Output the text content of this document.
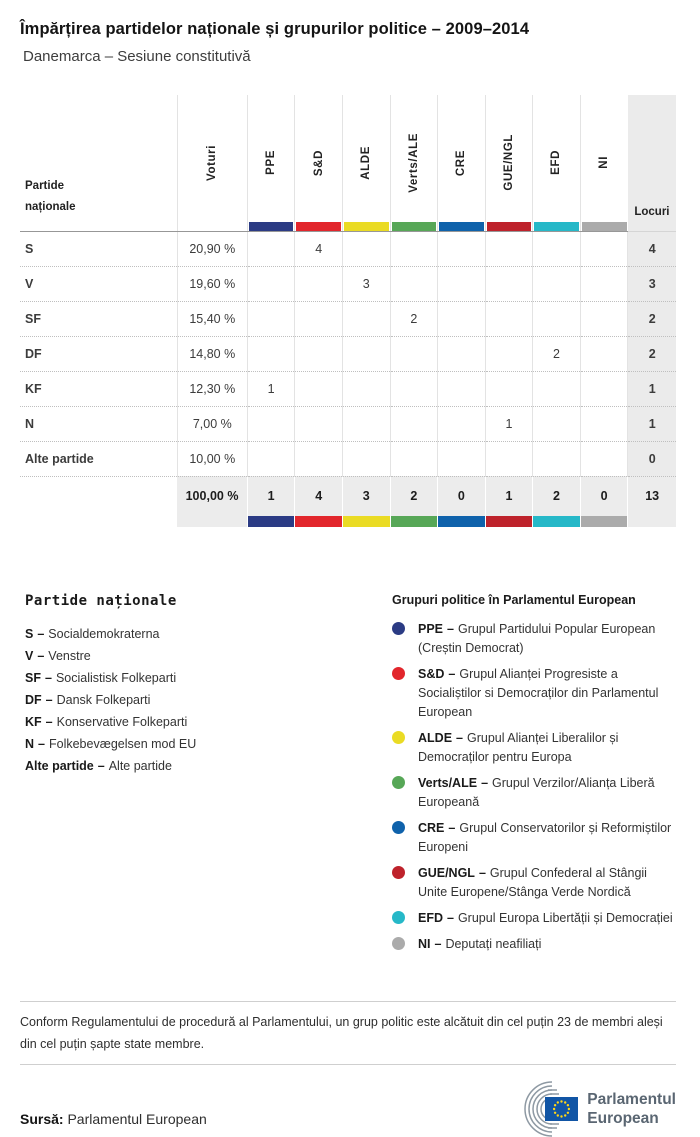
Împărțirea partidelor naționale și grupurilor politice – 2009–2014
Danemarca – Sesiune constitutivă
Partide
naționale	Voturi	PPE	S&D	ALDE	Verts/ALE	CRE	GUE/NGL	EFD	NI	Locuri

S	20,90 %		4							4
V	19,60 %			3						3
SF	15,40 %				2					2
DF	14,80 %							2		2
KF	12,30 %	1								1
N	7,00 %						1			1
Alte partide	10,00 %									0
	100,00 %	1	4	3	2	0	1	2	0	13

Partide naționale
S – Socialdemokraterna
V – Venstre
SF – Socialistisk Folkeparti
DF – Dansk Folkeparti
KF – Konservative Folkeparti
N – Folkebevægelsen mod EU
Alte partide – Alte partide
Grupuri politice în Parlamentul European
PPE – Grupul Partidului Popular European (Creștin Democrat)
S&D – Grupul Alianței Progresiste a Socialiștilor si Democraților din Parlamentul European
ALDE – Grupul Alianței Liberalilor și Democraților pentru Europa
Verts/ALE – Grupul Verzilor/Alianța Liberă Europeană
CRE – Grupul Conservatorilor și Reformiștilor Europeni
GUE/NGL – Grupul Confederal al Stângii Unite Europene/Stânga Verde Nordică
EFD – Grupul Europa Libertății și Democrației
NI – Deputați neafiliați

Conform Regulamentului de procedură al Parlamentului, un grup politic este alcătuit din cel puțin 23 de membri aleși din cel puțin șapte state membre.

Sursă: Parlamentul European
Parlamentul
European
